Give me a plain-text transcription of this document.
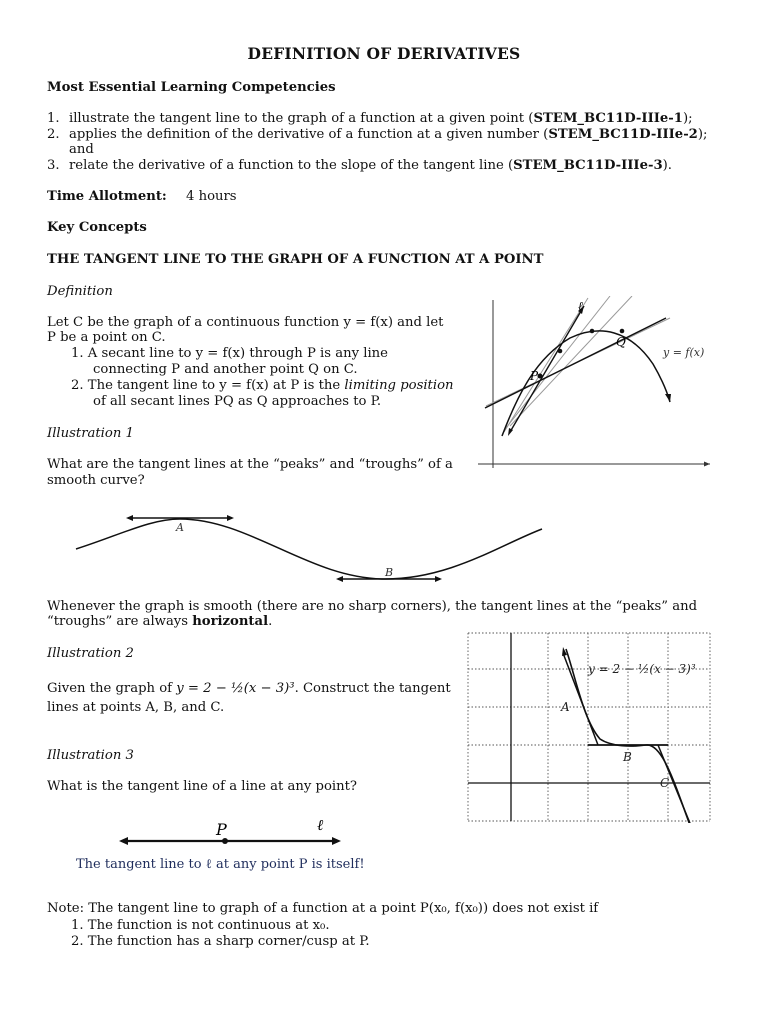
DEFINITION OF DERIVATIVES
Most Essential Learning Competencies
1. illustrate the tangent line to the graph of a function at a given point (STEM_BC11D-IIIe-1);
2. applies the definition of the derivative of a function at a given number (STEM_BC11D-IIIe-2);
and
3. relate the derivative of a function to the slope of the tangent line (STEM_BC11D-IIIe-3).
Time Allotment: 4 hours
Key Concepts
THE TANGENT LINE TO THE GRAPH OF A FUNCTION AT A POINT
Definition
Let C be the graph of a continuous function y = f(x) and let
P be a point on C.
1. A secant line to y = f(x) through P is any line
connecting P and another point Q on C.
2. The tangent line to y = f(x) at P is the limiting position
of all secant lines PQ as Q approaches to P.
ℓ
P
Q
y = f(x)
Illustration 1
What are the tangent lines at the “peaks” and “troughs” of a
smooth curve?
A
B
Whenever the graph is smooth (there are no sharp corners), the tangent lines at the “peaks” and
“troughs” are always horizontal.
Illustration 2
Given the graph of y = 2 − ½(x − 3)³. Construct the tangent
lines at points A, B, and C.
y = 2 − ½(x − 3)³
A
B
C
Illustration 3
What is the tangent line of a line at any point?
P	ℓ
The tangent line to ℓ at any point P is itself!
Note: The tangent line to graph of a function at a point P(x₀, f(x₀)) does not exist if
1. The function is not continuous at x₀.
2. The function has a sharp corner/cusp at P.
